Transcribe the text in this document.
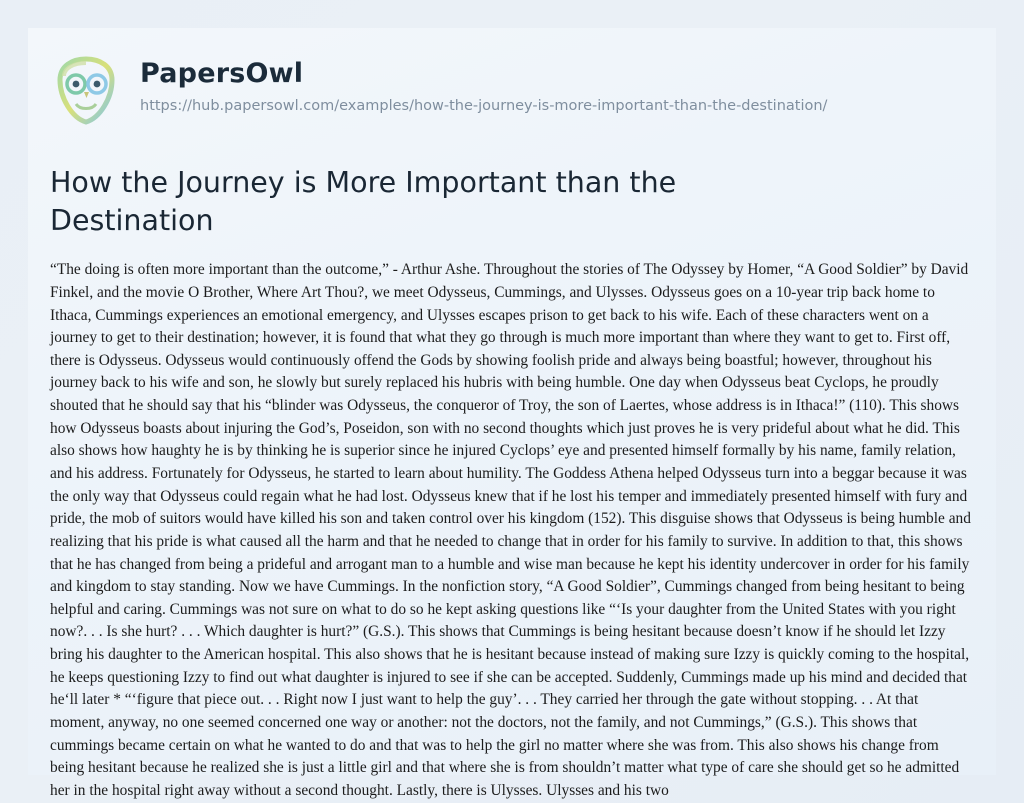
PapersOwl
https://hub.papersowl.com/examples/how-the-journey-is-more-important-than-the-destination/
How the Journey is More Important than the Destination
“The doing is often more important than the outcome,” - Arthur Ashe. Throughout the stories of The Odyssey by Homer, “A Good Soldier” by David Finkel, and the movie O Brother, Where Art Thou?, we meet Odysseus, Cummings, and Ulysses. Odysseus goes on a 10-year trip back home to Ithaca, Cummings experiences an emotional emergency, and Ulysses escapes prison to get back to his wife. Each of these characters went on a journey to get to their destination; however, it is found that what they go through is much more important than where they want to get to. First off, there is Odysseus. Odysseus would continuously offend the Gods by showing foolish pride and always being boastful; however, throughout his journey back to his wife and son, he slowly but surely replaced his hubris with being humble. One day when Odysseus beat Cyclops, he proudly shouted that he should say that his “blinder was Odysseus, the conqueror of Troy, the son of Laertes, whose address is in Ithaca!” (110). This shows how Odysseus boasts about injuring the God’s, Poseidon, son with no second thoughts which just proves he is very prideful about what he did. This also shows how haughty he is by thinking he is superior since he injured Cyclops’ eye and presented himself formally by his name, family relation, and his address. Fortunately for Odysseus, he started to learn about humility. The Goddess Athena helped Odysseus turn into a beggar because it was the only way that Odysseus could regain what he had lost. Odysseus knew that if he lost his temper and immediately presented himself with fury and pride, the mob of suitors would have killed his son and taken control over his kingdom (152). This disguise shows that Odysseus is being humble and realizing that his pride is what caused all the harm and that he needed to change that in order for his family to survive. In addition to that, this shows that he has changed from being a prideful and arrogant man to a humble and wise man because he kept his identity undercover in order for his family and kingdom to stay standing. Now we have Cummings. In the nonfiction story, “A Good Soldier”, Cummings changed from being hesitant to being helpful and caring. Cummings was not sure on what to do so he kept asking questions like “‘Is your daughter from the United States with you right now?. . . Is she hurt? . . . Which daughter is hurt?” (G.S.). This shows that Cummings is being hesitant because doesn’t know if he should let Izzy bring his daughter to the American hospital. This also shows that he is hesitant because instead of making sure Izzy is quickly coming to the hospital, he keeps questioning Izzy to find out what daughter is injured to see if she can be accepted. Suddenly, Cummings made up his mind and decided that he‘ll later * “‘figure that piece out. . . Right now I just want to help the guy’. . . They carried her through the gate without stopping. . . At that moment, anyway, no one seemed concerned one way or another: not the doctors, not the family, and not Cummings,” (G.S.). This shows that cummings became certain on what he wanted to do and that was to help the girl no matter where she was from. This also shows his change from being hesitant because he realized she is just a little girl and that where she is from shouldn’t matter what type of care she should get so he admitted her in the hospital right away without a second thought. Lastly, there is Ulysses. Ulysses and his two
